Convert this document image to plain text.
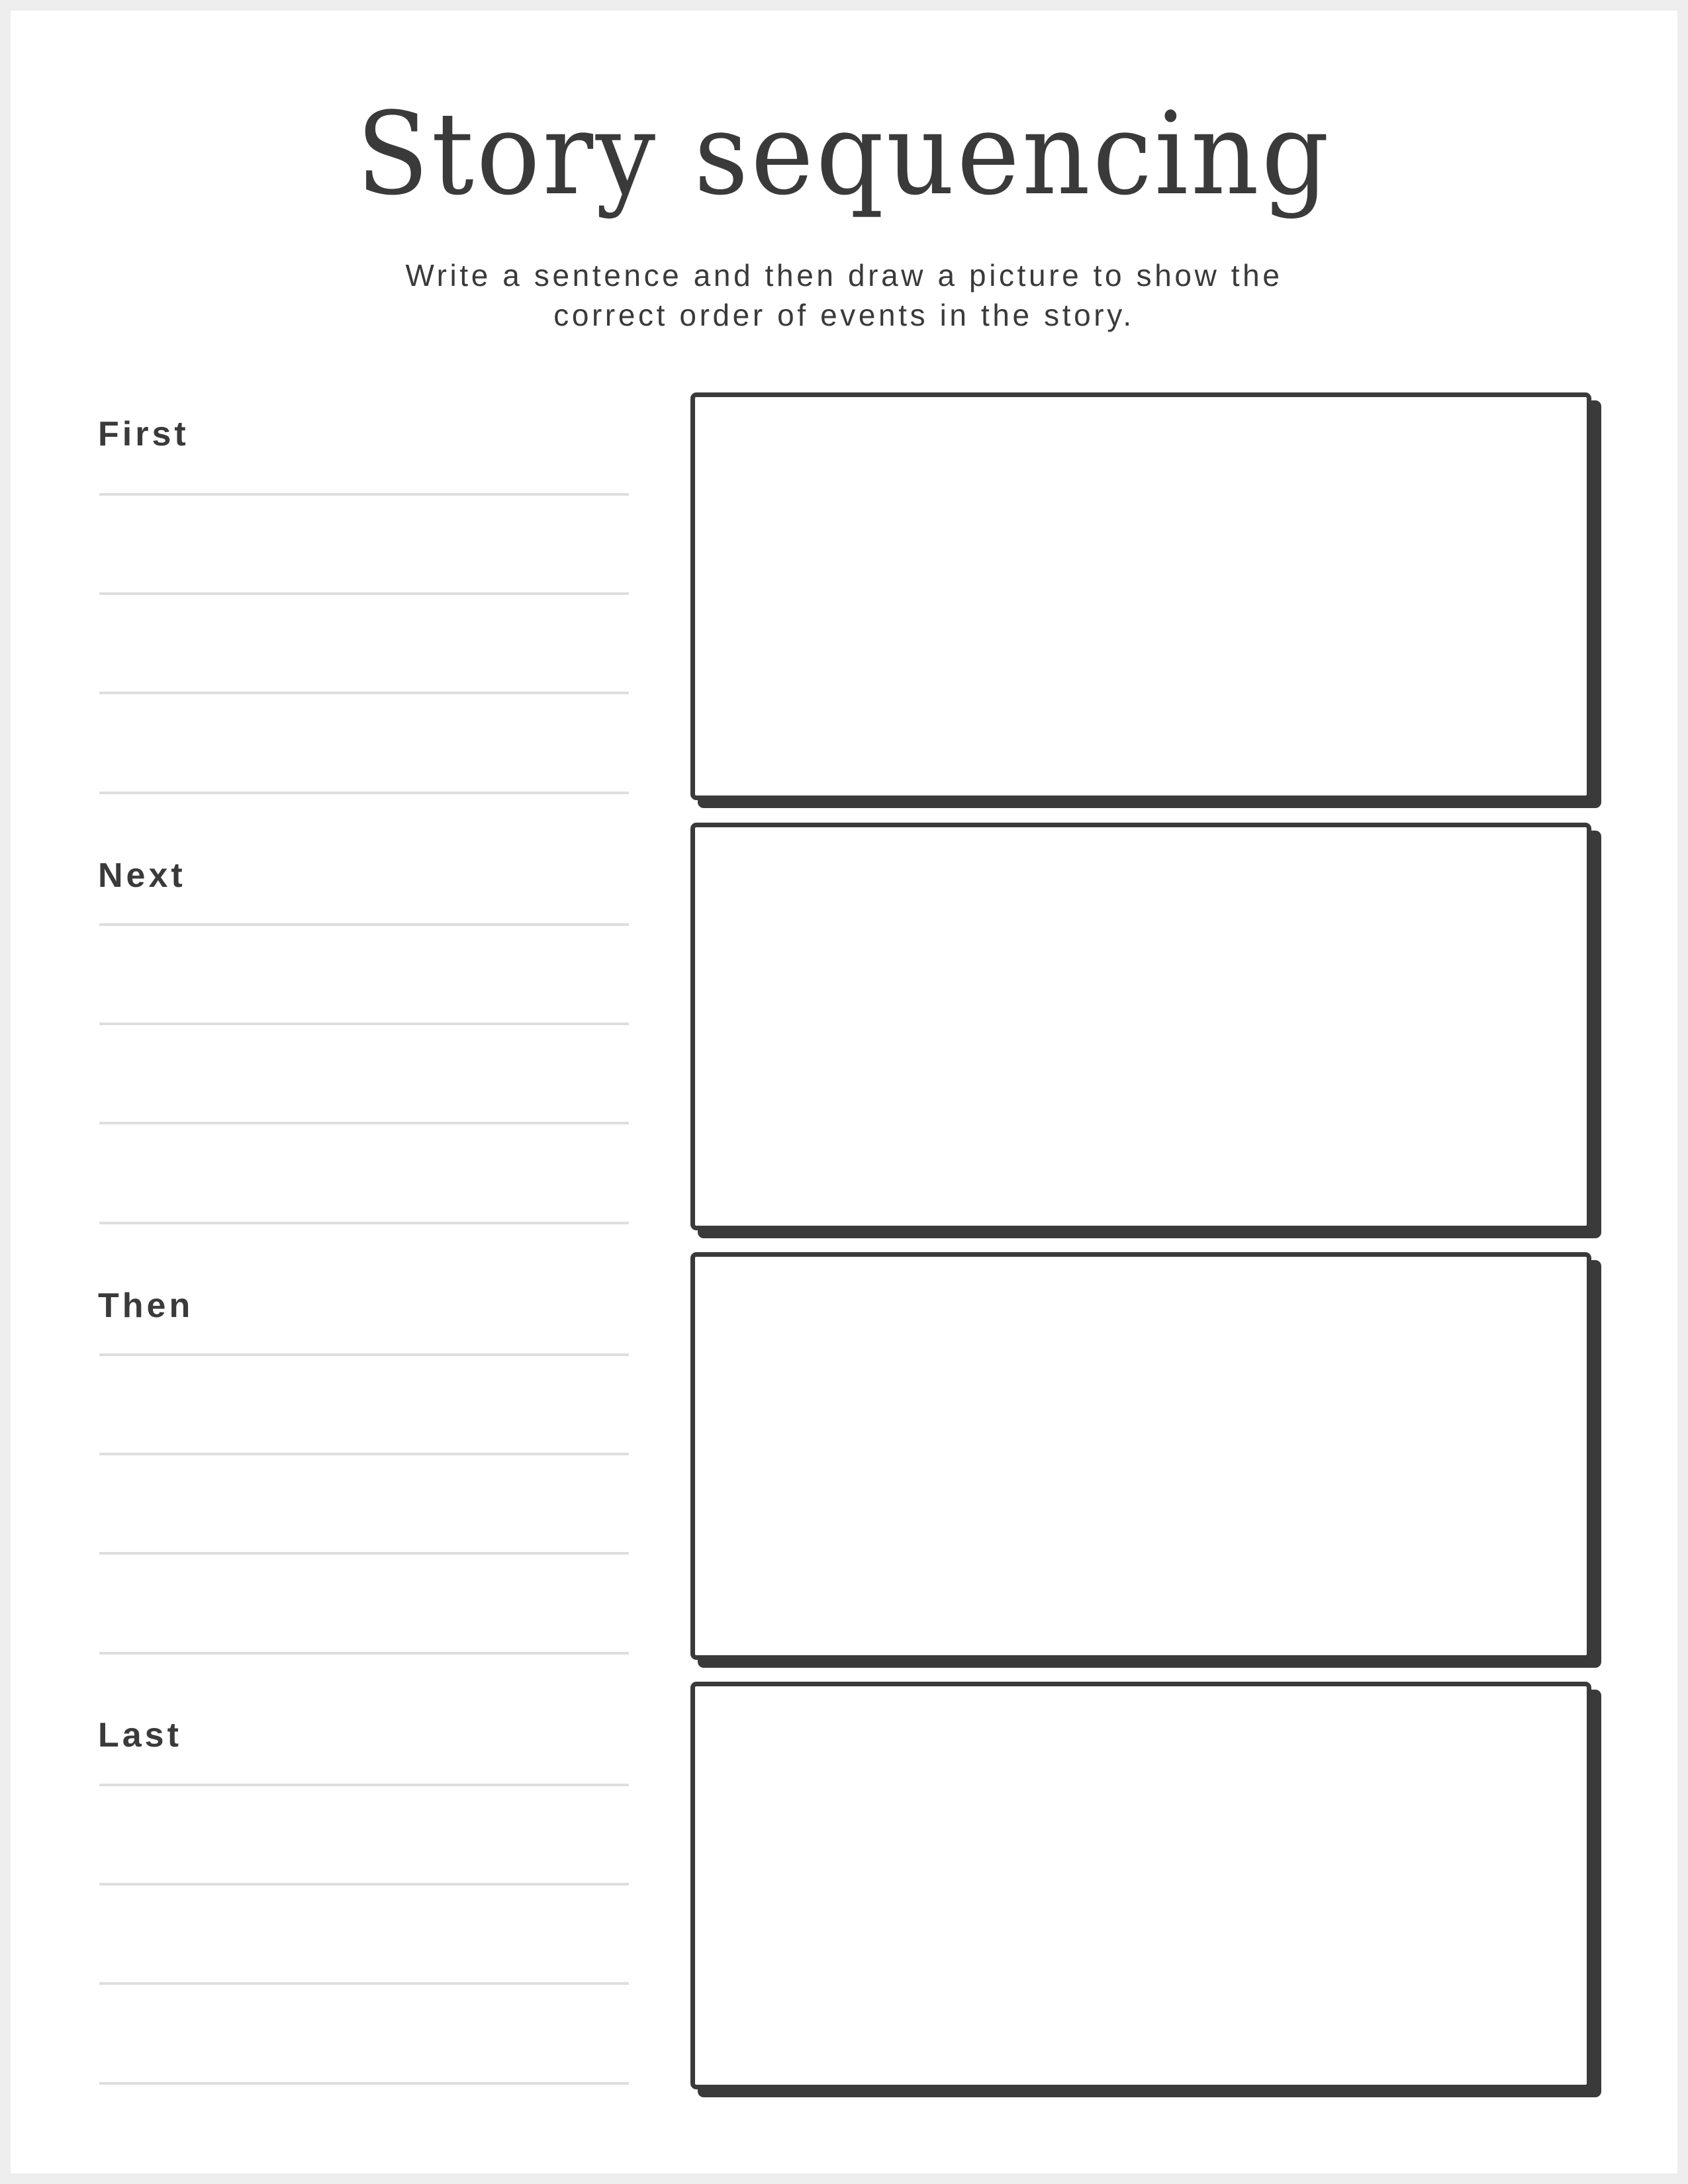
Story sequencing
Write a sentence and then draw a picture to show the
correct order of events in the story.
First
Next
Then
Last
